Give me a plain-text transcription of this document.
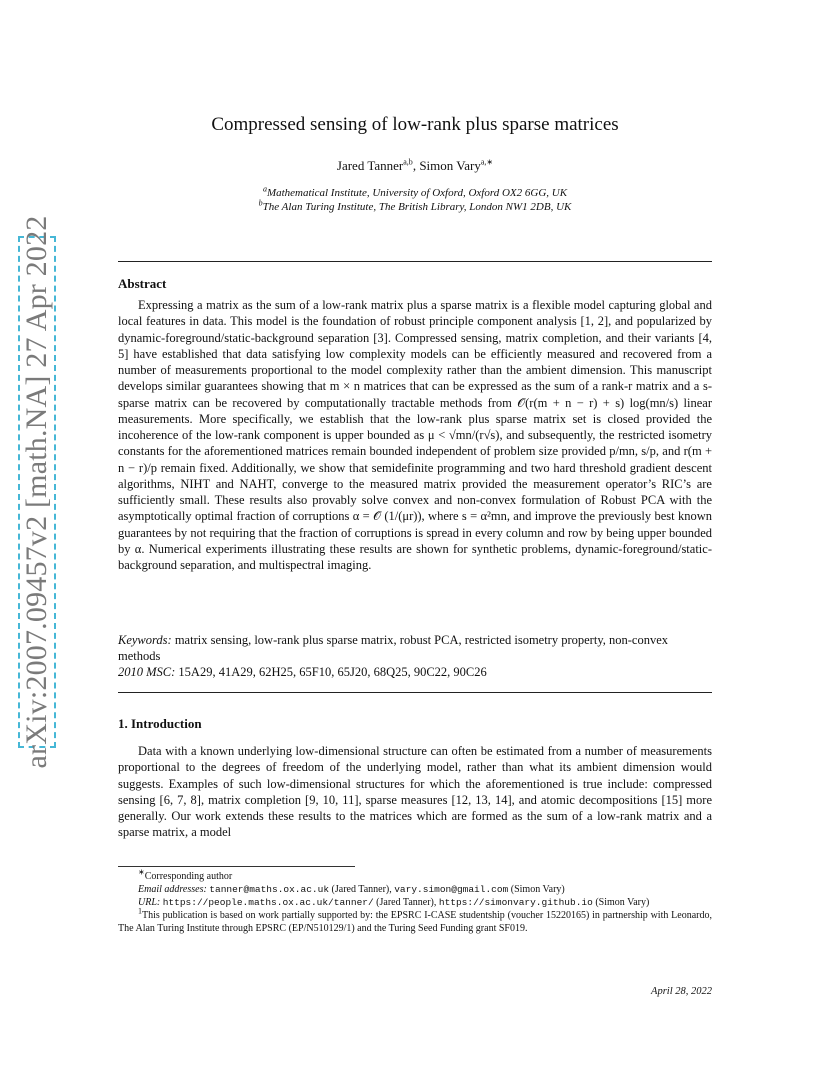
arXiv:2007.09457v2 [math.NA] 27 Apr 2022
Compressed sensing of low-rank plus sparse matrices
Jared Tanner$^{a,b}$, Simon Vary$^{a,∗}$
$^a$Mathematical Institute, University of Oxford, Oxford OX2 6GG, UK
$^b$The Alan Turing Institute, The British Library, London NW1 2DB, UK
Abstract
Expressing a matrix as the sum of a low-rank matrix plus a sparse matrix is a flexible model capturing global and local features in data. This model is the foundation of robust principle component analysis [1, 2], and popularized by dynamic-foreground/static-background separation [3]. Compressed sensing, matrix completion, and their variants [4, 5] have established that data satisfying low complexity models can be efficiently measured and recovered from a number of measurements proportional to the model complexity rather than the ambient dimension. This manuscript develops similar guarantees showing that m × n matrices that can be expressed as the sum of a rank-r matrix and a s-sparse matrix can be recovered by computationally tractable methods from 𝒪(r(m + n − r) + s) log(mn/s) linear measurements. More specifically, we establish that the low-rank plus sparse matrix set is closed provided the incoherence of the low-rank component is upper bounded as μ < √mn/(r√s), and subsequently, the restricted isometry constants for the aforementioned matrices remain bounded independent of problem size provided p/mn, s/p, and r(m + n − r)/p remain fixed. Additionally, we show that semidefinite programming and two hard threshold gradient descent algorithms, NIHT and NAHT, converge to the measured matrix provided the measurement operator’s RIC’s are sufficiently small. These results also provably solve convex and non-convex formulation of Robust PCA with the asymptotically optimal fraction of corruptions α = 𝒪 (1/(μr)), where s = α²mn, and improve the previously best known guarantees by not requiring that the fraction of corruptions is spread in every column and row by being upper bounded by α. Numerical experiments illustrating these results are shown for synthetic problems, dynamic-foreground/static-background separation, and multispectral imaging.
Keywords: matrix sensing, low-rank plus sparse matrix, robust PCA, restricted isometry property, non-convex methods
2010 MSC: 15A29, 41A29, 62H25, 65F10, 65J20, 68Q25, 90C22, 90C26
1. Introduction
Data with a known underlying low-dimensional structure can often be estimated from a number of measurements proportional to the degrees of freedom of the underlying model, rather than what its ambient dimension would suggests. Examples of such low-dimensional structures for which the aforementioned is true include: compressed sensing [6, 7, 8], matrix completion [9, 10, 11], sparse measures [12, 13, 14], and atomic decompositions [15] more generally. Our work extends these results to the matrices which are formed as the sum of a low-rank matrix and a sparse matrix, a model
∗Corresponding author
Email addresses: tanner@maths.ox.ac.uk (Jared Tanner), vary.simon@gmail.com (Simon Vary)
URL: https://people.maths.ox.ac.uk/tanner/ (Jared Tanner), https://simonvary.github.io (Simon Vary)
$^1$This publication is based on work partially supported by: the EPSRC I-CASE studentship (voucher 15220165) in partnership with Leonardo, The Alan Turing Institute through EPSRC (EP/N510129/1) and the Turing Seed Funding grant SF019.
April 28, 2022
